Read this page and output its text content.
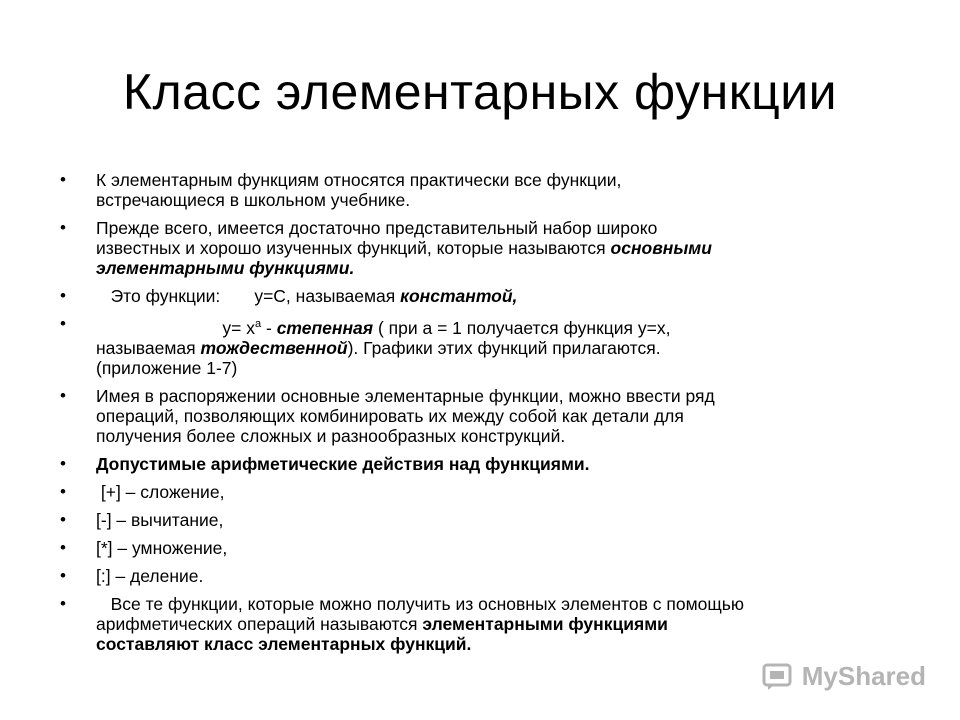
Класс элементарных функции
• К элементарным функциям относятся практически все функции,
встречающиеся в школьном учебнике.
• Прежде всего, имеется достаточно представительный набор широко
известных и хорошо изученных функций, которые называются основными
элементарными функциями.
• Это функции:       у=С, называемая константой,
• $у= х^а$ - степенная ( при а = 1 получается функция у=х,
называемая тождественной). Графики этих функций прилагаются.
(приложение 1-7)
• Имея в распоряжении основные элементарные функции, можно ввести ряд
операций, позволяющих комбинировать их между собой как детали для
получения более сложных и разнообразных конструкций.
• Допустимые арифметические действия над функциями.
• [+] – сложение,
• [-] – вычитание,
• [*] – умножение,
• [:] – деление.
• Все те функции, которые можно получить из основных элементов с помощью
арифметических операций называются элементарными функциями
составляют класс элементарных функций.
MyShared
